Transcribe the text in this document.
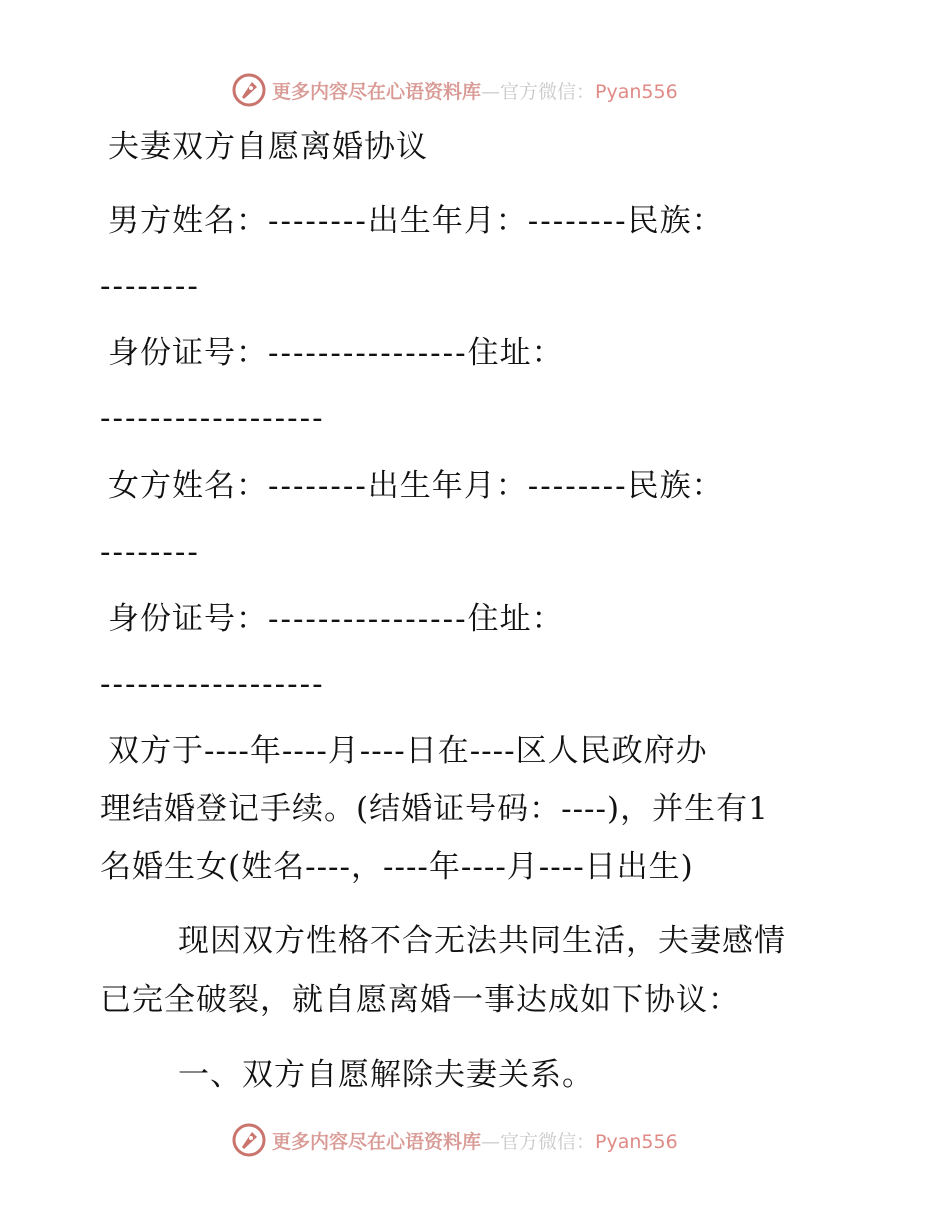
更多内容尽在心语资料库—官方微信：Pyan556
夫妻双方自愿离婚协议
男方姓名：--------出生年月：--------民族：
--------
身份证号：----------------住址：
------------------
女方姓名：--------出生年月：--------民族：
--------
身份证号：----------------住址：
------------------
双方于----年----月----日在----区人民政府办
理结婚登记手续。(结婚证号码：----)，并生有1
名婚生女(姓名----，----年----月----日出生)
现因双方性格不合无法共同生活，夫妻感情
已完全破裂，就自愿离婚一事达成如下协议：
一、双方自愿解除夫妻关系。
更多内容尽在心语资料库—官方微信：Pyan556
